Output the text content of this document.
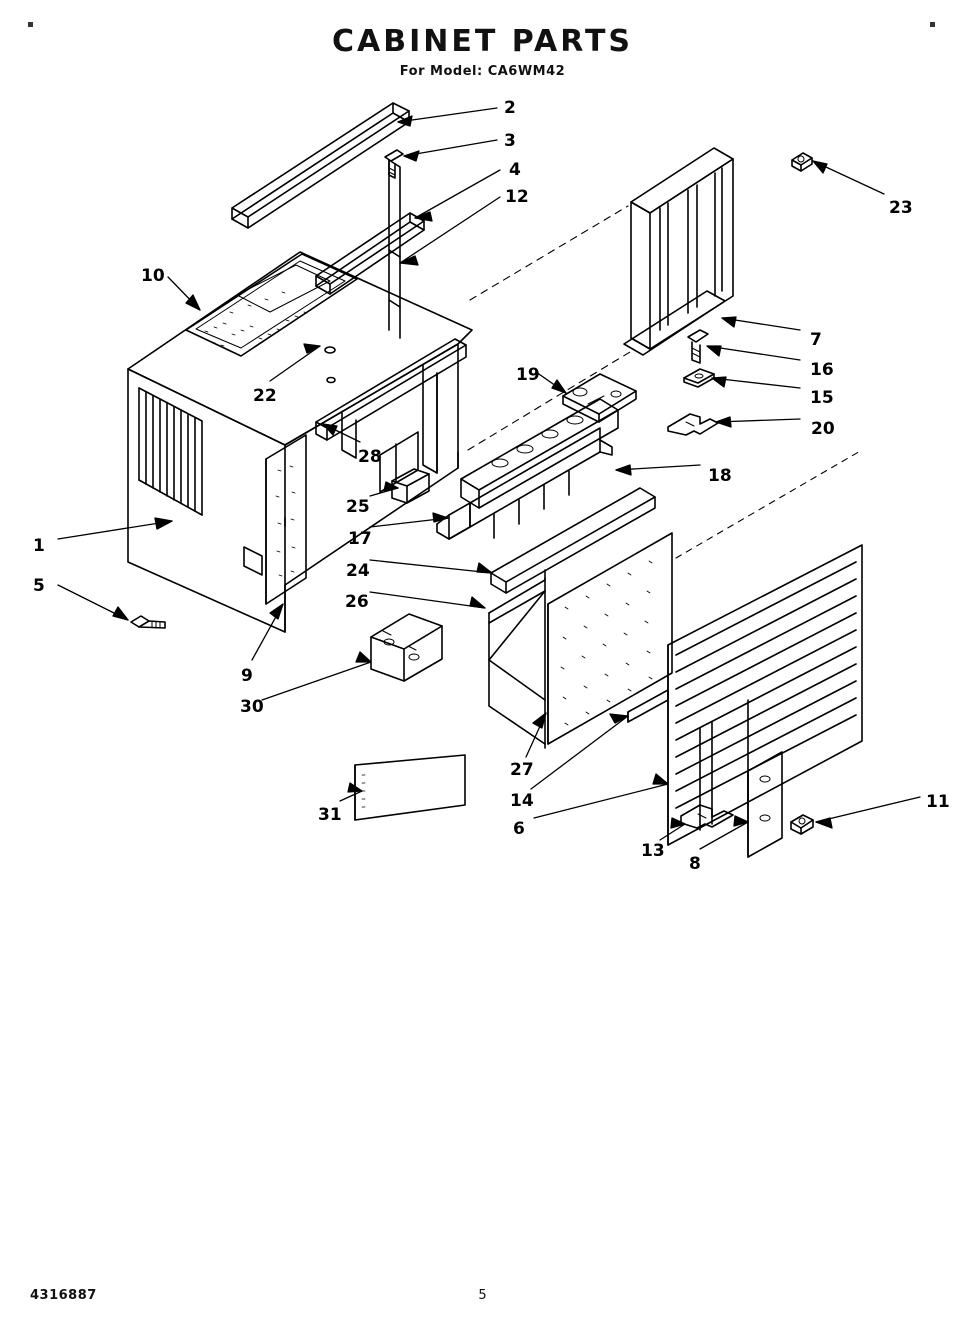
CABINET PARTS
For Model: CA6WM42
1
2
3
4
5
6
7
8
9
10
11
12
13
14
15
16
17
18
19
20
22
23
24
25
26
27
28
30
31
4316887	5
